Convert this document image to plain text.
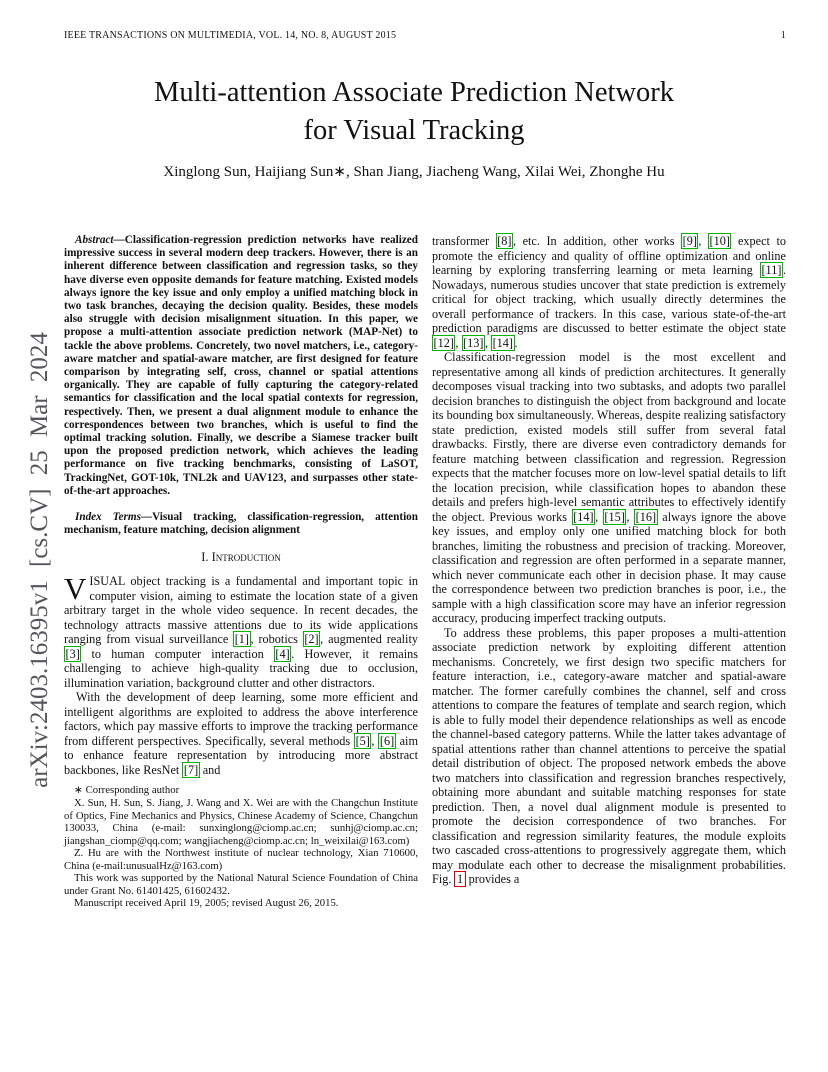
IEEE TRANSACTIONS ON MULTIMEDIA, VOL. 14, NO. 8, AUGUST 2015	1
arXiv:2403.16395v1 [cs.CV] 25 Mar 2024
Multi-attention Associate Prediction Network
for Visual Tracking
Xinglong Sun, Haijiang Sun∗, Shan Jiang, Jiacheng Wang, Xilai Wei, Zhonghe Hu

Abstract—Classification-regression prediction networks have realized impressive success in several modern deep trackers. However, there is an inherent difference between classification and regression tasks, so they have diverse even opposite demands for feature matching. Existed models always ignore the key issue and only employ a unified matching block in two task branches, decaying the decision quality. Besides, these models also struggle with decision misalignment situation. In this paper, we propose a multi-attention associate prediction network (MAP-Net) to tackle the above problems. Concretely, two novel matchers, i.e., category-aware matcher and spatial-aware matcher, are first designed for feature comparison by integrating self, cross, channel or spatial attentions organically. They are capable of fully capturing the category-related semantics for classification and the local spatial contexts for regression, respectively. Then, we present a dual alignment module to enhance the correspondences between two branches, which is useful to find the optimal tracking solution. Finally, we describe a Siamese tracker built upon the proposed prediction network, which achieves the leading performance on five tracking benchmarks, consisting of LaSOT, TrackingNet, GOT-10k, TNL2k and UAV123, and surpasses other state-of-the-art approaches.

Index Terms—Visual tracking, classification-regression, attention mechanism, feature matching, decision alignment

I. Introduction

VISUAL object tracking is a fundamental and important topic in computer vision, aiming to estimate the location state of a given arbitrary target in the whole video sequence. In recent decades, the technology attracts massive attentions due to its wide applications ranging from visual surveillance [1] , robotics [2] , augmented reality [3] to human computer interaction [4] . However, it remains challenging to achieve high-quality tracking due to occlusion, illumination variation, background clutter and other distractors.

With the development of deep learning, some more efficient and intelligent algorithms are exploited to address the above interference factors, which pay massive efforts to improve the tracking performance from different perspectives. Specifically, several methods [5] , [6] aim to enhance feature representation by introducing more abstract backbones, like ResNet [7] and

∗ Corresponding author

X. Sun, H. Sun, S. Jiang, J. Wang and X. Wei are with the Changchun Institute of Optics, Fine Mechanics and Physics, Chinese Academy of Science, Changchun 130033, China (e-mail: sunxinglong@ciomp.ac.cn; sunhj@ciomp.ac.cn; jiangshan_ciomp@qq.com; wangjiacheng@ciomp.ac.cn; ln_weixilai@163.com)

Z. Hu are with the Northwest institute of nuclear technology, Xian 710600, China (e-mail:unusualHz@163.com)

This work was supported by the National Natural Science Foundation of China under Grant No. 61401425, 61602432.

Manuscript received April 19, 2005; revised August 26, 2015.

transformer [8] , etc. In addition, other works [9] , [10] expect to promote the efficiency and quality of offline optimization and online learning by exploring transferring learning or meta learning [11] . Nowadays, numerous studies uncover that state prediction is extremely critical for object tracking, which usually directly determines the overall performance of trackers. In this case, various state-of-the-art prediction paradigms are discussed to better estimate the object state [12] , [13] , [14] .

Classification-regression model is the most excellent and representative among all kinds of prediction architectures. It generally decomposes visual tracking into two subtasks, and adopts two parallel decision branches to distinguish the object from background and locate its bounding box simultaneously. Whereas, despite realizing satisfactory state prediction, existed models still suffer from several fatal drawbacks. Firstly, there are diverse even contradictory demands for feature matching between classification and regression. Regression expects that the matcher focuses more on low-level spatial details to lift the location precision, while classification hopes to abandon these details and prefers high-level semantic attributes to effectively identify the object. Previous works [14] , [15] , [16] always ignore the above key issues, and employ only one unified matching block for both branches, limiting the robustness and precision of tracking. Moreover, classification and regression are often performed in a separate manner, which never communicate each other in decision phase. It may cause the correspondence between two prediction branches is poor, i.e., the sample with a high classification score may have an inferior regression accuracy, producing imperfect tracking outputs.

To address these problems, this paper proposes a multi-attention associate prediction network by exploiting different attention mechanisms. Concretely, we first design two specific matchers for feature interaction, i.e., category-aware matcher and spatial-aware matcher. The former carefully combines the channel, self and cross attentions to compare the features of template and search region, which is able to fully model their dependence relationships as well as encode the channel-based category patterns. While the latter takes advantage of spatial attentions rather than channel attentions to perceive the spatial detail distribution of object. The proposed network embeds the above two matchers into classification and regression branches respectively, obtaining more abundant and suitable matching responses for state prediction. Then, a novel dual alignment module is presented to promote the decision correspondence of two branches. For classification and regression similarity features, the module exploits two cascaded cross-attentions to progressively aggregate them, which may modulate each other to decrease the misalignment probabilities. Fig. 1 provides a
